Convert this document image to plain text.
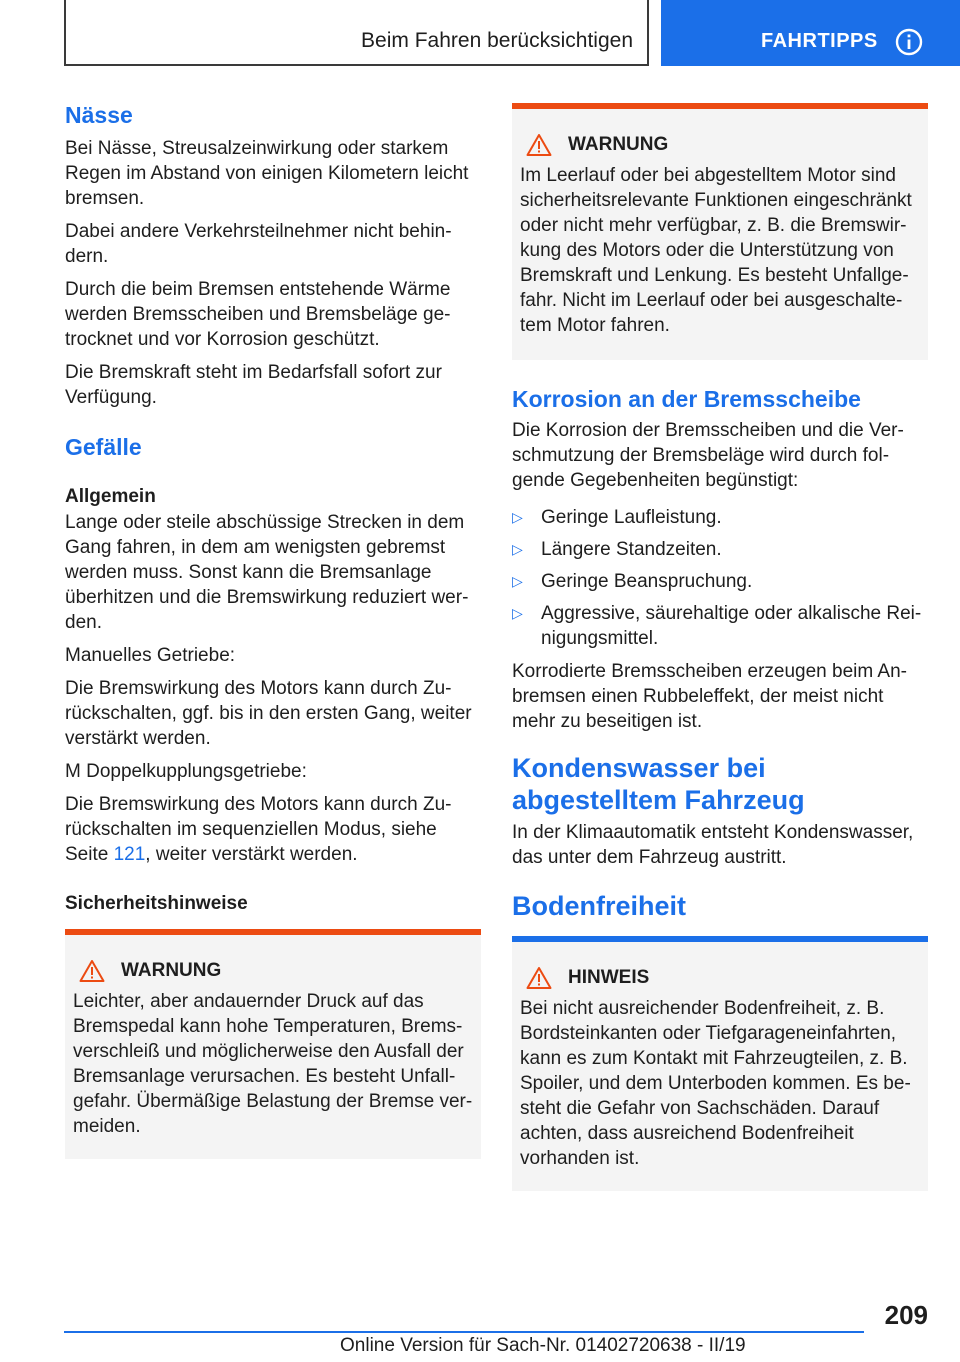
Beim Fahren berücksichtigen	FAHRTIPPS
Nässe

Bei Nässe, Streusalzeinwirkung oder starkem Regen im Abstand von einigen Kilometern leicht bremsen.

Dabei andere Verkehrsteilnehmer nicht behindern.

Durch die beim Bremsen entstehende Wärme werden Bremsscheiben und Bremsbeläge getrocknet und vor Korrosion geschützt.

Die Bremskraft steht im Bedarfsfall sofort zur Verfügung.

Gefälle
Allgemein

Lange oder steile abschüssige Strecken in dem Gang fahren, in dem am wenigsten gebremst werden muss. Sonst kann die Bremsanlage überhitzen und die Bremswirkung reduziert werden.

Manuelles Getriebe:

Die Bremswirkung des Motors kann durch Zurückschalten, ggf. bis in den ersten Gang, weiter verstärkt werden.

M Doppelkupplungsgetriebe:

Die Bremswirkung des Motors kann durch Zurückschalten im sequenziellen Modus, siehe Seite 121, weiter verstärkt werden.

Sicherheitshinweise
WARNUNG

Leichter, aber andauernder Druck auf das Bremspedal kann hohe Temperaturen, Bremsverschleiß und möglicherweise den Ausfall der Bremsanlage verursachen. Es besteht Unfallgefahr. Übermäßige Belastung der Bremse vermeiden.

WARNUNG

Im Leerlauf oder bei abgestelltem Motor sind sicherheitsrelevante Funktionen eingeschränkt oder nicht mehr verfügbar, z. B. die Bremswirkung des Motors oder die Unterstützung von Bremskraft und Lenkung. Es besteht Unfallgefahr. Nicht im Leerlauf oder bei ausgeschaltetem Motor fahren.

Korrosion an der Bremsscheibe

Die Korrosion der Bremsscheiben und die Verschmutzung der Bremsbeläge wird durch folgende Gegebenheiten begünstigt:

▷ Geringe Laufleistung.
▷ Längere Standzeiten.
▷ Geringe Beanspruchung.
▷ Aggressive, säurehaltige oder alkalische Reinigungsmittel.

Korrodierte Bremsscheiben erzeugen beim Anbremsen einen Rubbeleffekt, der meist nicht mehr zu beseitigen ist.

Kondenswasser bei abgestelltem Fahrzeug

In der Klimaautomatik entsteht Kondenswasser, das unter dem Fahrzeug austritt.

Bodenfreiheit
HINWEIS

Bei nicht ausreichender Bodenfreiheit, z. B. Bordsteinkanten oder Tiefgarageneinfahrten, kann es zum Kontakt mit Fahrzeugteilen, z. B. Spoiler, und dem Unterboden kommen. Es besteht die Gefahr von Sachschäden. Darauf achten, dass ausreichend Bodenfreiheit vorhanden ist.

209
Online Version für Sach-Nr. 01402720638 - II/19
